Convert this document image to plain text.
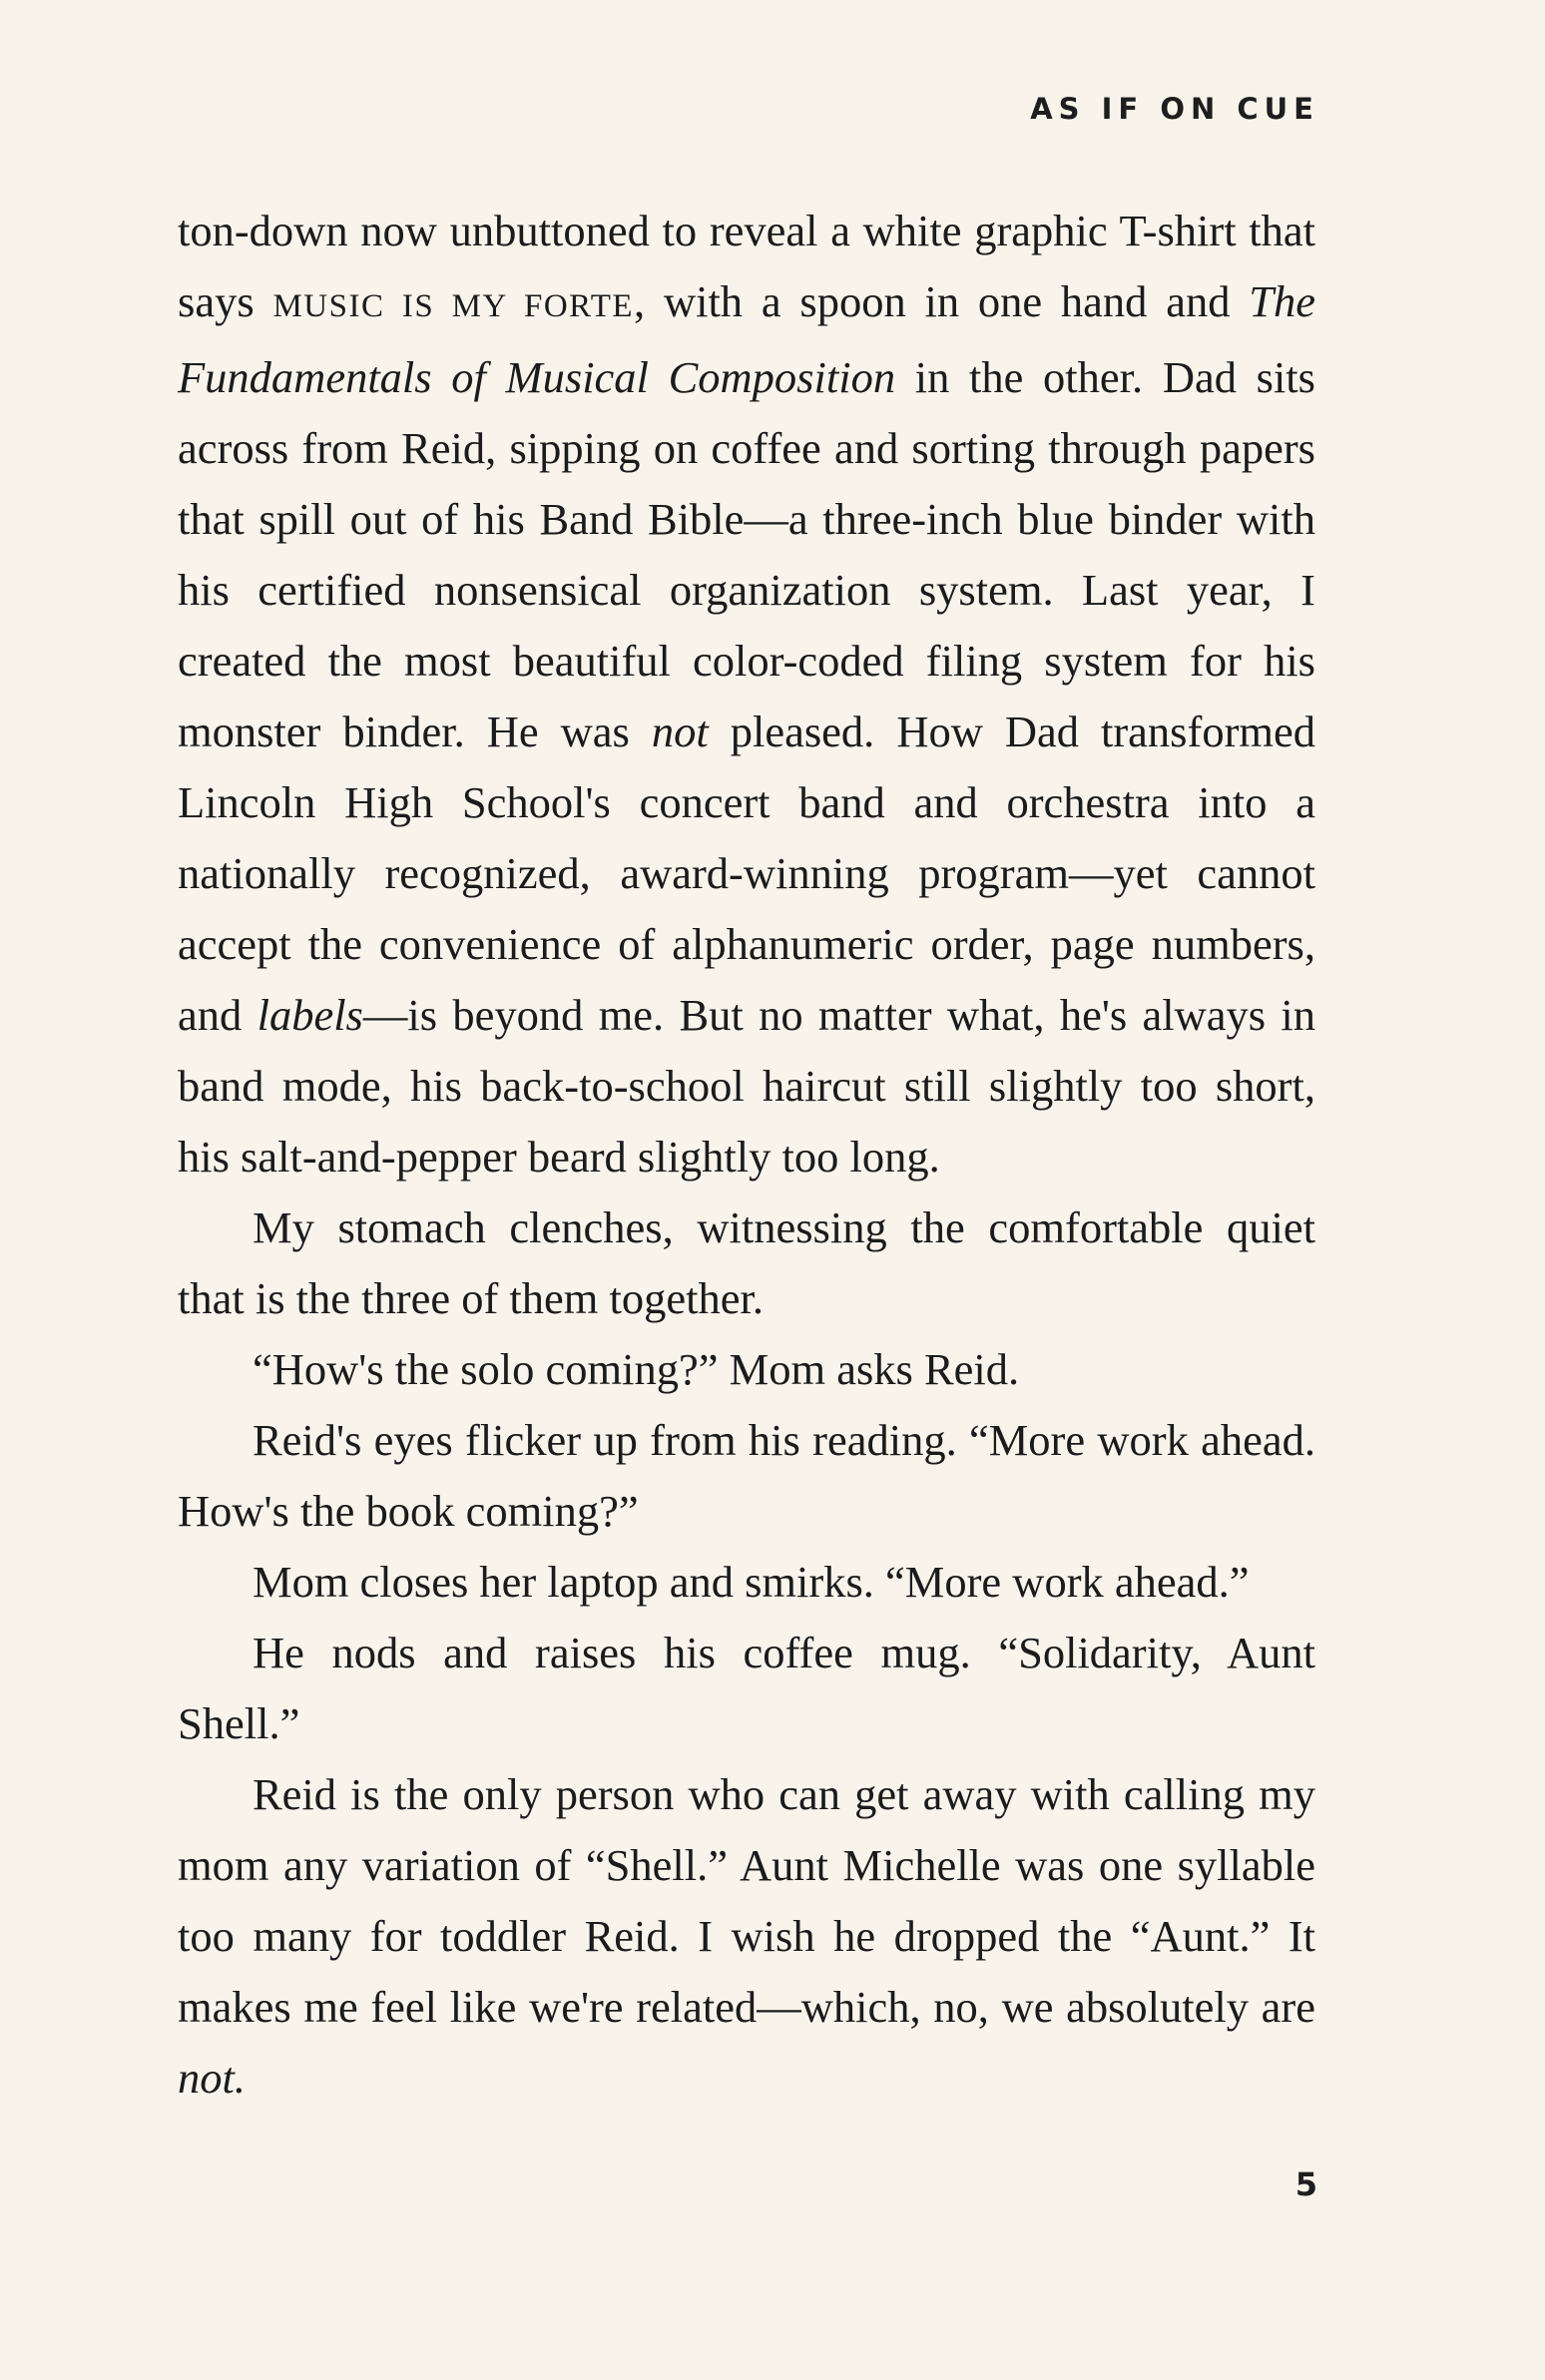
AS IF ON CUE

ton-down now unbuttoned to reveal a white graphic T-shirt that says MUSIC IS MY FORTE, with a spoon in one hand and The Fundamentals of Musical Composition in the other. Dad sits across from Reid, sipping on coffee and sorting through papers that spill out of his Band Bible—a three-inch blue binder with his certified nonsensical organization system. Last year, I created the most beautiful color-coded filing system for his monster binder. He was not pleased. How Dad transformed Lincoln High School's concert band and orchestra into a nationally recognized, award-winning program—yet cannot accept the convenience of alphanumeric order, page numbers, and labels—is beyond me. But no matter what, he's always in band mode, his back-to-school haircut still slightly too short, his salt-and-pepper beard slightly too long.

My stomach clenches, witnessing the comfortable quiet that is the three of them together.

“How's the solo coming?” Mom asks Reid.

Reid's eyes flicker up from his reading. “More work ahead. How's the book coming?”

Mom closes her laptop and smirks. “More work ahead.”

He nods and raises his coffee mug. “Solidarity, Aunt Shell.”

Reid is the only person who can get away with calling my mom any variation of “Shell.” Aunt Michelle was one syllable too many for toddler Reid. I wish he dropped the “Aunt.” It makes me feel like we're related—which, no, we absolutely are not.

5
